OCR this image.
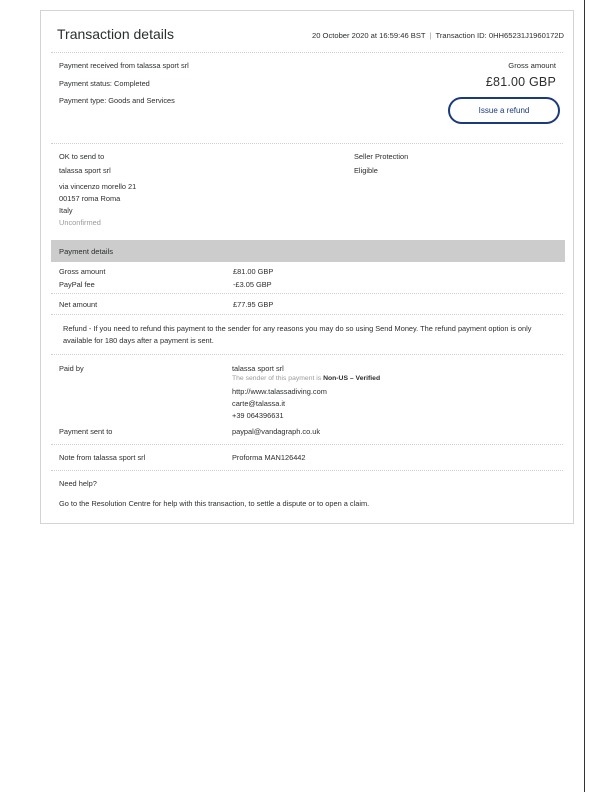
Transaction details	20 October 2020 at 16:59:46 BST | Transaction ID: 0HH65231J1960172D
Payment received from talassa sport srl
Payment status: Completed
Payment type: Goods and Services
Gross amount
£81.00 GBP
Issue a refund
OK to send to
talassa sport srl
via vincenzo morello 21
00157 roma Roma
Italy
Unconfirmed
Seller Protection
Eligible
Payment details
Gross amount	£81.00 GBP
PayPal fee	-£3.05 GBP
Net amount	£77.95 GBP
Refund - If you need to refund this payment to the sender for any reasons you may do so using Send Money. The refund payment option is only available for 180 days after a payment is sent.
Paid by	talassa sport srl
The sender of this payment is Non-US – Verified
http://www.talassadiving.com
carte@talassa.it
+39 064396631
Payment sent to	paypal@vandagraph.co.uk
Note from talassa sport srl	Proforma MAN126442
Need help?
Go to the Resolution Centre for help with this transaction, to settle a dispute or to open a claim.
